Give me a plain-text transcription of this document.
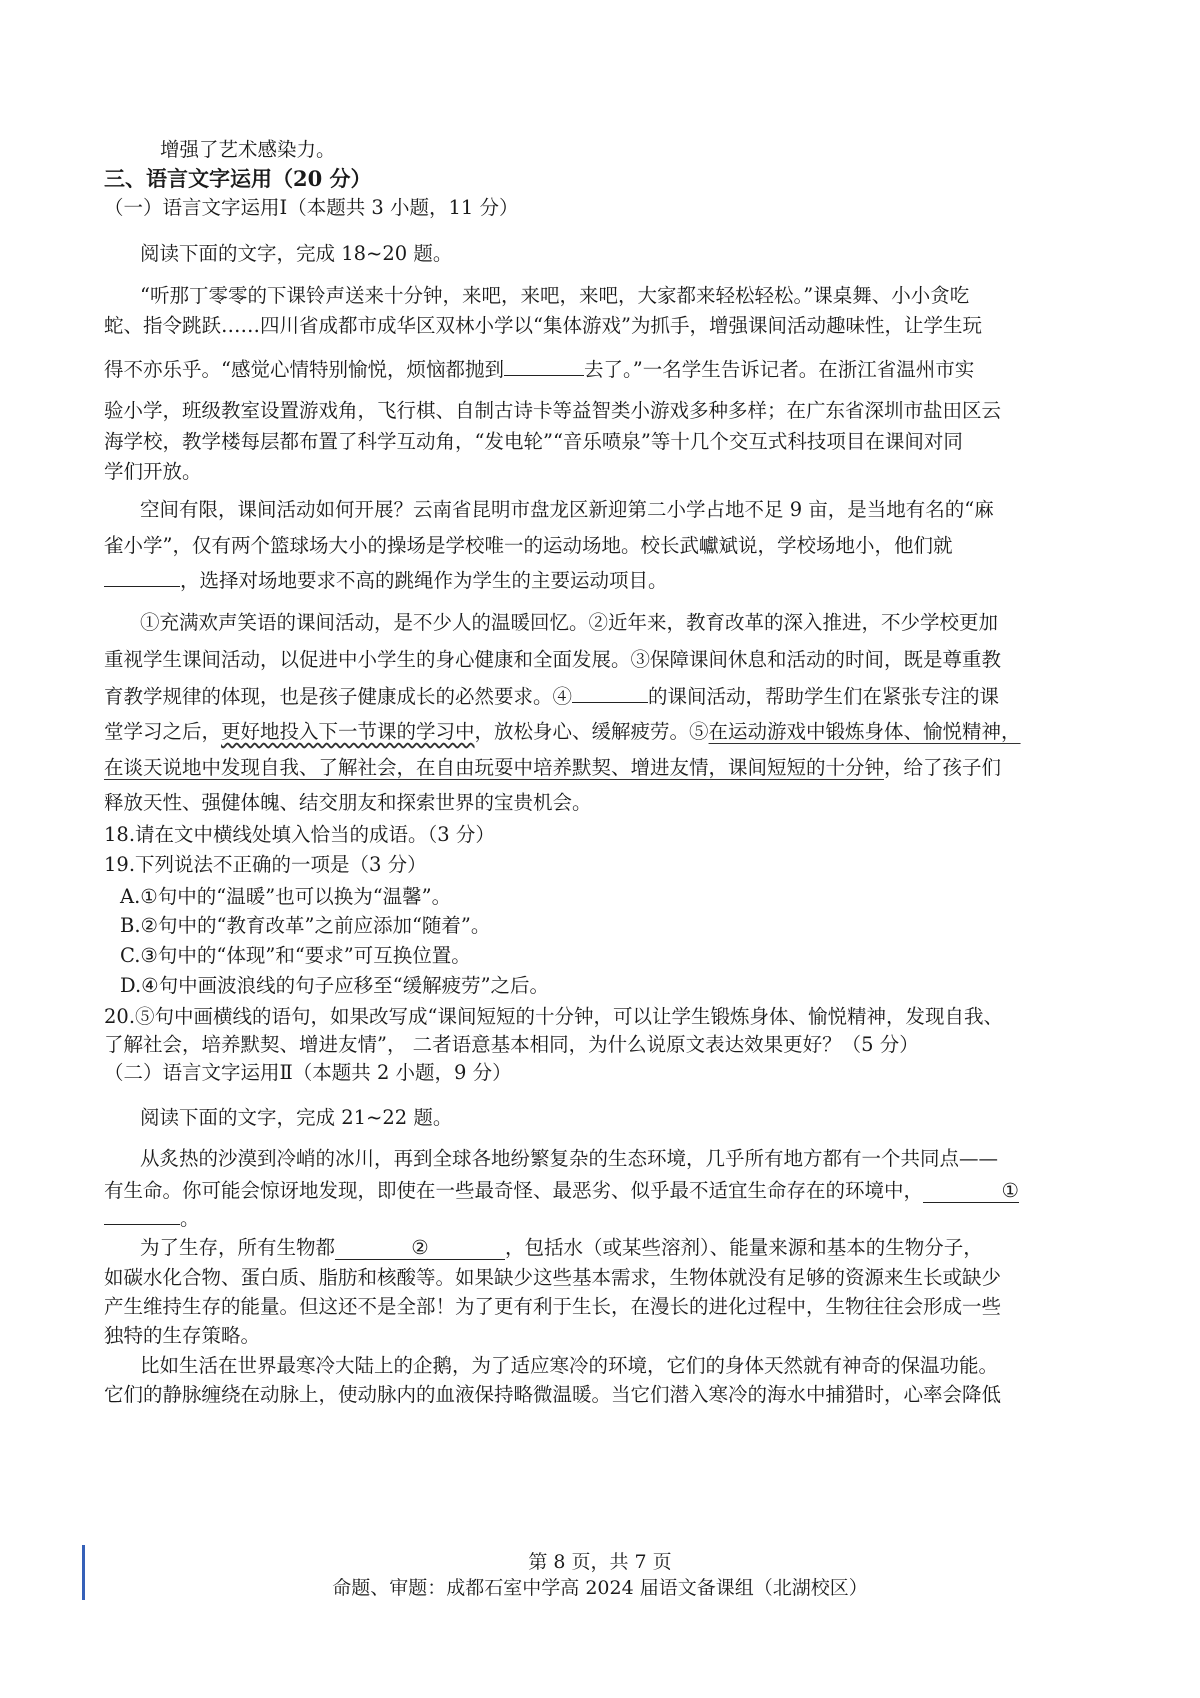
增强了艺术感染力。
三、语言文字运用（20 分）
（一）语言文字运用Ⅰ（本题共 3 小题，11 分）
阅读下面的文字，完成 18~20 题。
“听那丁零零的下课铃声送来十分钟，来吧，来吧，来吧，大家都来轻松轻松。”课桌舞、小小贪吃
蛇、指令跳跃……四川省成都市成华区双林小学以“集体游戏”为抓手，增强课间活动趣味性，让学生玩
得不亦乐乎。“感觉心情特别愉悦，烦恼都抛到	去了。”一名学生告诉记者。在浙江省温州市实
验小学，班级教室设置游戏角，飞行棋、自制古诗卡等益智类小游戏多种多样；在广东省深圳市盐田区云
海学校，教学楼每层都布置了科学互动角，“发电轮”“音乐喷泉”等十几个交互式科技项目在课间对同
学们开放。
空间有限，课间活动如何开展？云南省昆明市盘龙区新迎第二小学占地不足 9 亩，是当地有名的“麻
雀小学”，仅有两个篮球场大小的操场是学校唯一的运动场地。校长武巘斌说，学校场地小，他们就
，选择对场地要求不高的跳绳作为学生的主要运动项目。
①充满欢声笑语的课间活动，是不少人的温暖回忆。②近年来，教育改革的深入推进，不少学校更加
重视学生课间活动，以促进中小学生的身心健康和全面发展。③保障课间休息和活动的时间，既是尊重教
育教学规律的体现，也是孩子健康成长的必然要求。④	的课间活动，帮助学生们在紧张专注的课
堂学习之后，更好地投入下一节课的学习中，放松身心、缓解疲劳。⑤在运动游戏中锻炼身体、愉悦精神，
在谈天说地中发现自我、了解社会，在自由玩耍中培养默契、增进友情，课间短短的十分钟，给了孩子们
释放天性、强健体魄、结交朋友和探索世界的宝贵机会。
18.请在文中横线处填入恰当的成语。（3 分）
19.下列说法不正确的一项是（3 分）
A.①句中的“温暖”也可以换为“温馨”。
B.②句中的“教育改革”之前应添加“随着”。
C.③句中的“体现”和“要求”可互换位置。
D.④句中画波浪线的句子应移至“缓解疲劳”之后。
20.⑤句中画横线的语句，如果改写成“课间短短的十分钟，可以让学生锻炼身体、愉悦精神，发现自我、
了解社会，培养默契、增进友情”， 二者语意基本相同，为什么说原文表达效果更好？（5 分）
（二）语言文字运用Ⅱ（本题共 2 小题，9 分）
阅读下面的文字，完成 21~22 题。
从炙热的沙漠到冷峭的冰川，再到全球各地纷繁复杂的生态环境，几乎所有地方都有一个共同点——
有生命。你可能会惊讶地发现，即使在一些最奇怪、最恶劣、似乎最不适宜生命存在的环境中，	①
。
为了生存，所有生物都	②	，包括水（或某些溶剂）、能量来源和基本的生物分子，
如碳水化合物、蛋白质、脂肪和核酸等。如果缺少这些基本需求，生物体就没有足够的资源来生长或缺少
产生维持生存的能量。但这还不是全部！为了更有利于生长，在漫长的进化过程中，生物往往会形成一些
独特的生存策略。
比如生活在世界最寒冷大陆上的企鹅，为了适应寒冷的环境，它们的身体天然就有神奇的保温功能。
它们的静脉缠绕在动脉上，使动脉内的血液保持略微温暖。当它们潜入寒冷的海水中捕猎时，心率会降低
第 8 页，共 7 页
命题、审题：成都石室中学高 2024 届语文备课组（北湖校区）
